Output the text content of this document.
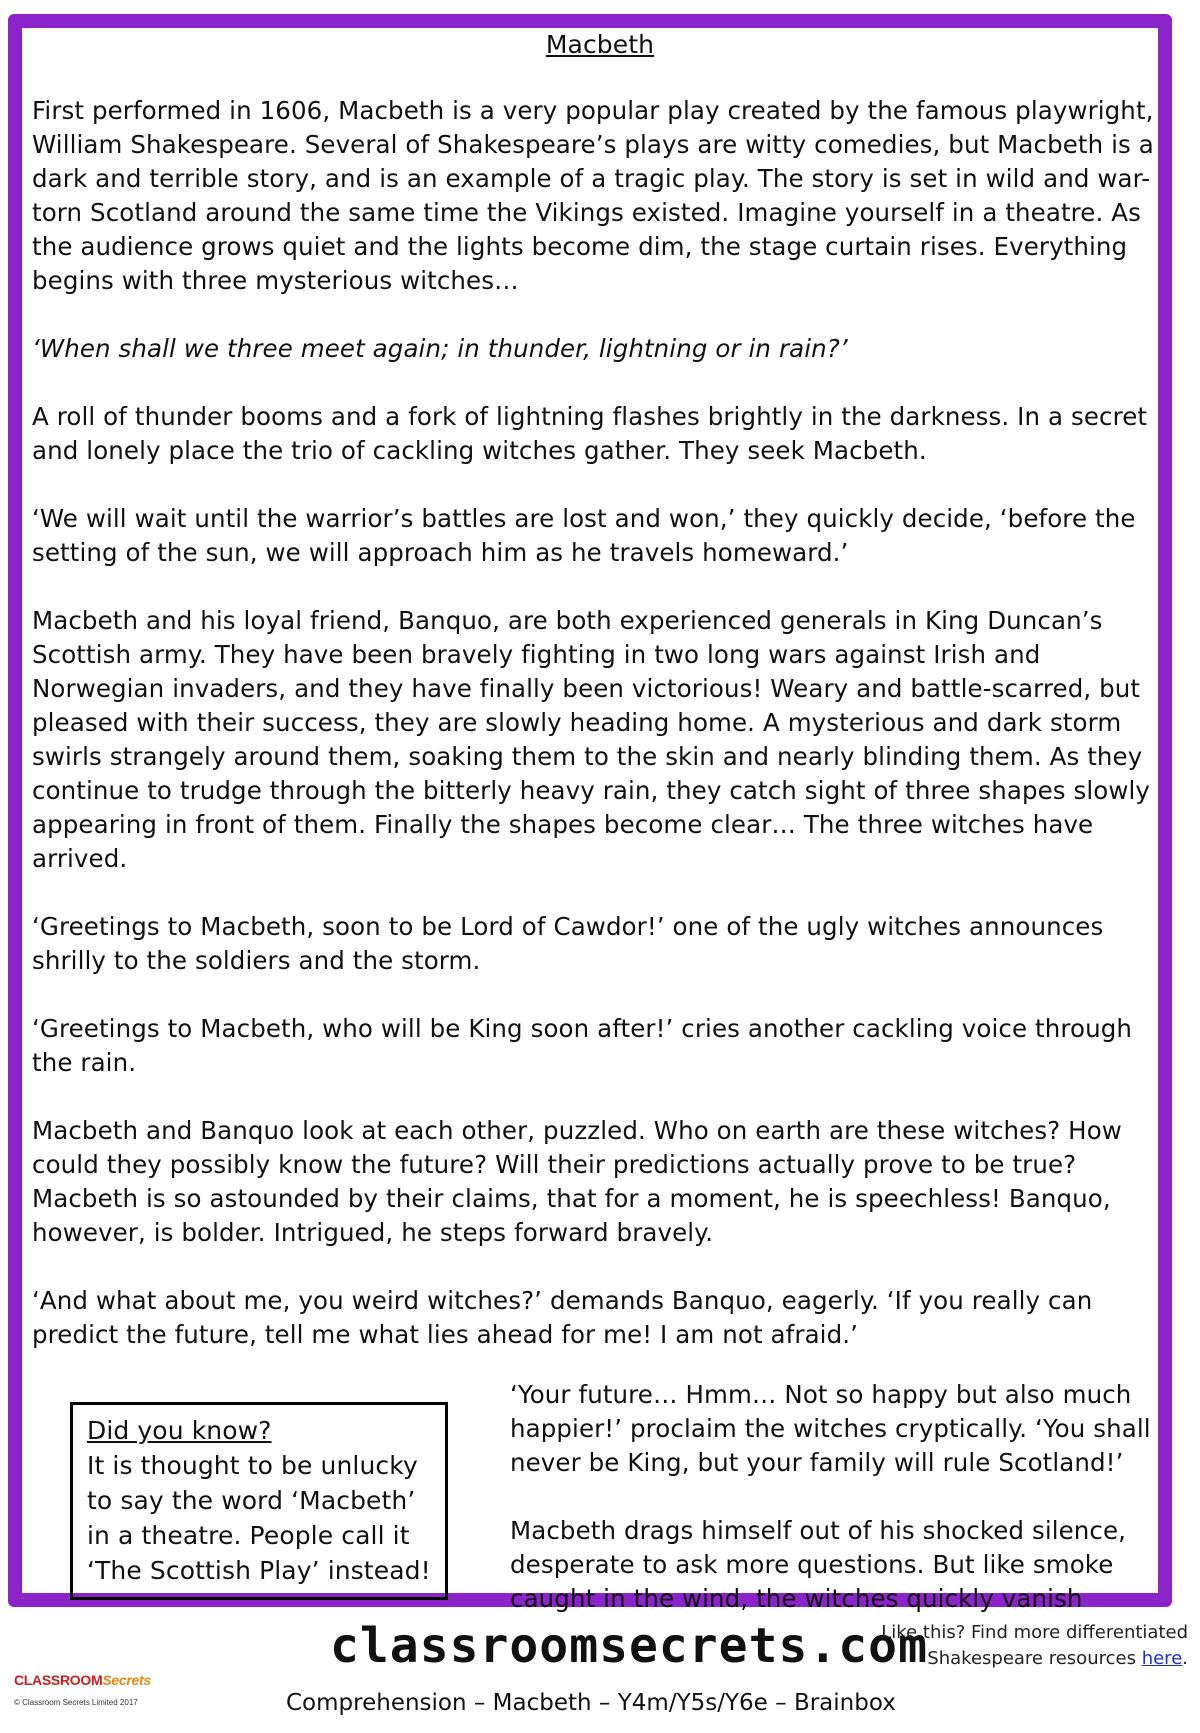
Macbeth

First performed in 1606, Macbeth is a very popular play created by the famous playwright, William Shakespeare. Several of Shakespeare’s plays are witty comedies, but Macbeth is a dark and terrible story, and is an example of a tragic play. The story is set in wild and war-torn Scotland around the same time the Vikings existed. Imagine yourself in a theatre. As the audience grows quiet and the lights become dim, the stage curtain rises. Everything begins with three mysterious witches…

‘When shall we three meet again; in thunder, lightning or in rain?’

A roll of thunder booms and a fork of lightning flashes brightly in the darkness. In a secret and lonely place the trio of cackling witches gather. They seek Macbeth.

‘We will wait until the warrior’s battles are lost and won,’ they quickly decide, ‘before the setting of the sun, we will approach him as he travels homeward.’

Macbeth and his loyal friend, Banquo, are both experienced generals in King Duncan’s Scottish army. They have been bravely fighting in two long wars against Irish and Norwegian invaders, and they have finally been victorious! Weary and battle-scarred, but pleased with their success, they are slowly heading home. A mysterious and dark storm swirls strangely around them, soaking them to the skin and nearly blinding them. As they continue to trudge through the bitterly heavy rain, they catch sight of three shapes slowly appearing in front of them. Finally the shapes become clear… The three witches have arrived.

‘Greetings to Macbeth, soon to be Lord of Cawdor!’ one of the ugly witches announces shrilly to the soldiers and the storm.

‘Greetings to Macbeth, who will be King soon after!’ cries another cackling voice through the rain.

Macbeth and Banquo look at each other, puzzled. Who on earth are these witches? How could they possibly know the future? Will their predictions actually prove to be true? Macbeth is so astounded by their claims, that for a moment, he is speechless! Banquo, however, is bolder. Intrigued, he steps forward bravely.

‘And what about me, you weird witches?’ demands Banquo, eagerly. ‘If you really can predict the future, tell me what lies ahead for me! I am not afraid.’

Did you know?
It is thought to be unlucky to say the word ‘Macbeth’ in a theatre. People call it ‘The Scottish Play’ instead!

‘Your future… Hmm… Not so happy but also much happier!’ proclaim the witches cryptically. ‘You shall never be King, but your family will rule Scotland!’

Macbeth drags himself out of his shocked silence, desperate to ask more questions. But like smoke caught in the wind, the witches quickly vanish

classroomsecrets.com
Comprehension – Macbeth – Y4m/Y5s/Y6e – Brainbox
Like this? Find more differentiated Shakespeare resources here.
CLASSROOMSecrets
© Classroom Secrets Limited 2017
